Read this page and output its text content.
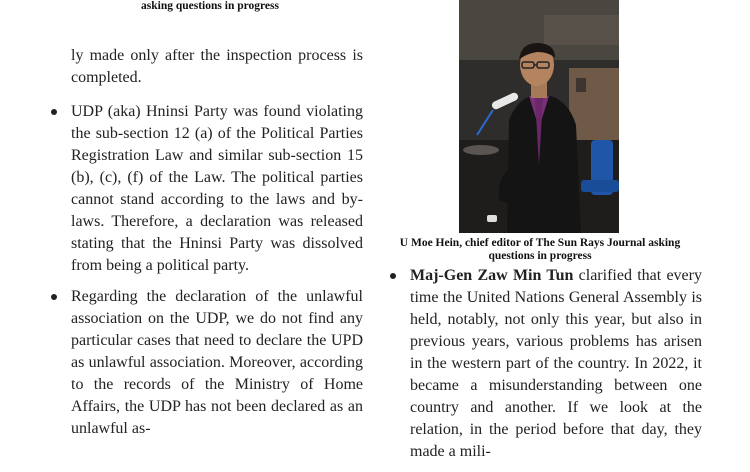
asking questions in progress

ly made only after the inspection process is completed.

UDP (aka) Hninsi Party was found violating the sub-section 12 (a) of the Political Parties Registration Law and similar sub-section 15 (b), (c), (f) of the Law. The political parties cannot stand according to the laws and by-laws. Therefore, a declaration was released stating that the Hninsi Party was dissolved from being a political party.
Regarding the declaration of the unlawful association on the UDP, we do not find any particular cases that need to declare the UPD as unlawful association. Moreover, according to the records of the Ministry of Home Affairs, the UDP has not been declared as an unlawful as-
U Moe Hein, chief editor of The Sun Rays Journal asking questions in progress
Maj-Gen Zaw Min Tun clarified that every time the United Nations General Assembly is held, notably, not only this year, but also in previous years, various problems has arisen in the western part of the country. In 2022, it became a misunderstanding between one country and another. If we look at the relation, in the period before that day, they made a mili-
